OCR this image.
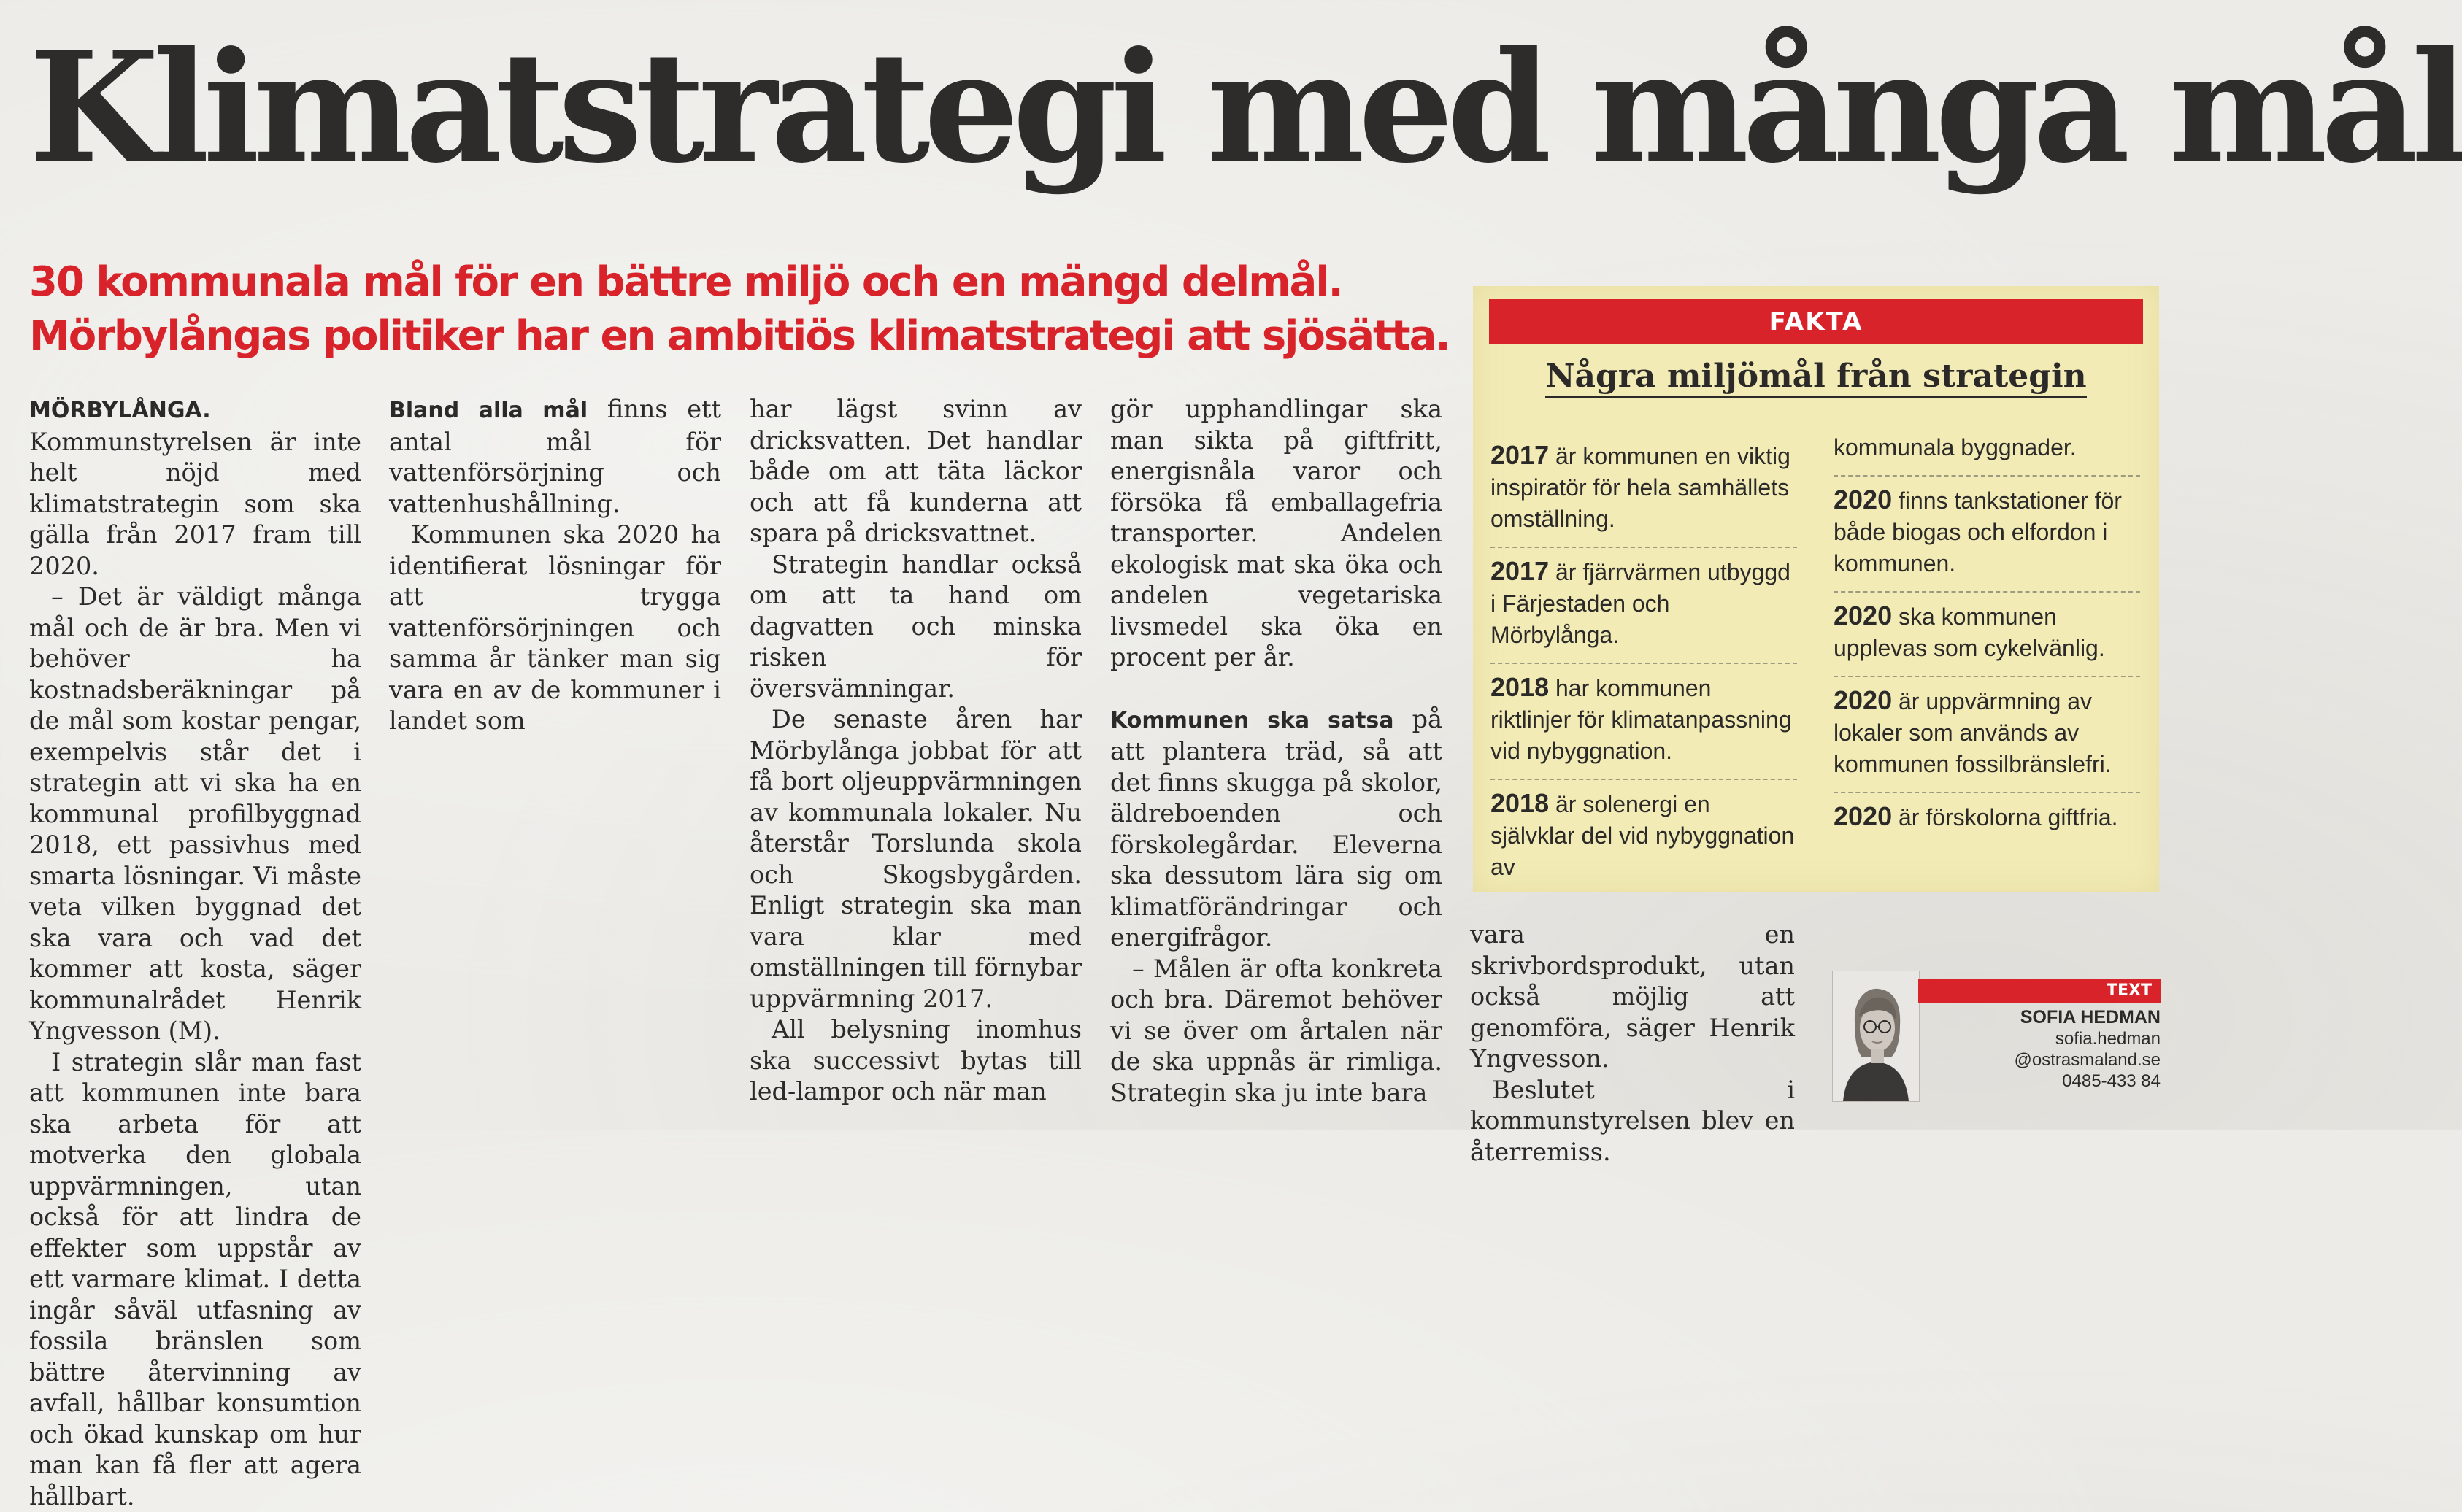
Klimatstrategi med många mål
30 kommunala mål för en bättre miljö och en mängd delmål.
Mörbylångas politiker har en ambitiös klimatstrategi att sjösätta.

MÖRBYLÅNGA. Kommunstyrelsen är inte helt nöjd med klimatstrategin som ska gälla från 2017 fram till 2020.

– Det är väldigt många mål och de är bra. Men vi behöver ha kostnadsberäkningar på de mål som kostar pengar, exempelvis står det i strategin att vi ska ha en kommunal profilbyggnad 2018, ett passivhus med smarta lösningar. Vi måste veta vilken byggnad det ska vara och vad det kommer att kosta, säger kommunalrådet Henrik Yngvesson (M).

I strategin slår man fast att kommunen inte bara ska arbeta för att motverka den globala uppvärmningen, utan också för att lindra de effekter som uppstår av ett varmare klimat. I detta ingår såväl utfasning av fossila bränslen som bättre återvinning av avfall, hållbar konsumtion och ökad kunskap om hur man kan få fler att agera hållbart.

Bland alla mål finns ett antal mål för vattenförsörjning och vattenhushållning.

Kommunen ska 2020 ha identifierat lösningar för att trygga vattenförsörjningen och samma år tänker man sig vara en av de kommuner i landet som

har lägst svinn av dricksvatten. Det handlar både om att täta läckor och att få kunderna att spara på dricksvattnet.

Strategin handlar också om att ta hand om dagvatten och minska risken för översvämningar.

De senaste åren har Mörbylånga jobbat för att få bort oljeuppvärmningen av kommunala lokaler. Nu återstår Torslunda skola och Skogsbygården. Enligt strategin ska man vara klar med omställningen till förnybar uppvärmning 2017.

All belysning inomhus ska successivt bytas till led-lampor och när man

gör upphandlingar ska man sikta på giftfritt, energisnåla varor och försöka få emballagefria transporter. Andelen ekologisk mat ska öka och andelen vegetariska livsmedel ska öka en procent per år.

Kommunen ska satsa på att plantera träd, så att det finns skugga på skolor, äldreboenden och förskolegårdar. Eleverna ska dessutom lära sig om klimatförändringar och energifrågor.

– Målen är ofta konkreta och bra. Däremot behöver vi se över om årtalen när de ska uppnås är rimliga. Strategin ska ju inte bara

vara en skrivbordsprodukt, utan också möjlig att genomföra, säger Henrik Yngvesson.

Beslutet i kommunstyrelsen blev en återremiss.

FAKTA
Några miljömål från strategin
2017 är kommunen en viktig inspiratör för hela samhällets omställning.
2017 är fjärrvärmen utbyggd i Färjestaden och Mörbylånga.
2018 har kommunen riktlinjer för klimatanpassning vid nybyggnation.
2018 är solenergi en självklar del vid nybyggnation av
kommunala byggnader.
2020 finns tankstationer för både biogas och elfordon i kommunen.
2020 ska kommunen upplevas som cykelvänlig.
2020 är uppvärmning av lokaler som används av kommunen fossilbränslefri.
2020 är förskolorna giftfria.
TEXT
SOFIA HEDMAN
sofia.hedman
@ostrasmaland.se
0485-433 84
